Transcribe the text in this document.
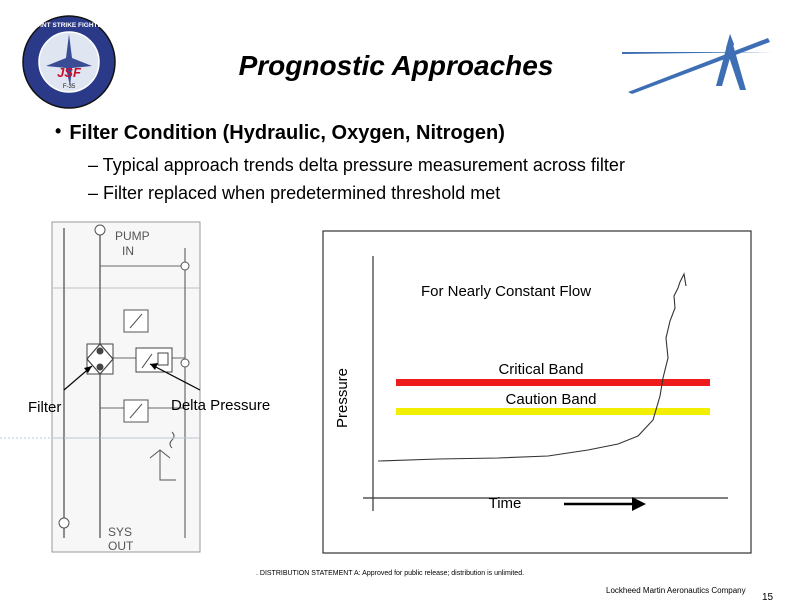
JSF
F-35
JOINT STRIKE FIGHTER
Prognostic Approaches
• Filter Condition (Hydraulic, Oxygen, Nitrogen)
– Typical approach trends delta pressure measurement across filter
– Filter replaced when predetermined threshold met
PUMP
IN
SYS
OUT
Filter	Delta Pressure
For Nearly Constant Flow
Critical Band
Caution Band
Time
Pressure
. DISTRIBUTION STATEMENT A: Approved for public release; distribution is unlimited.
Lockheed Martin Aeronautics Company
15
